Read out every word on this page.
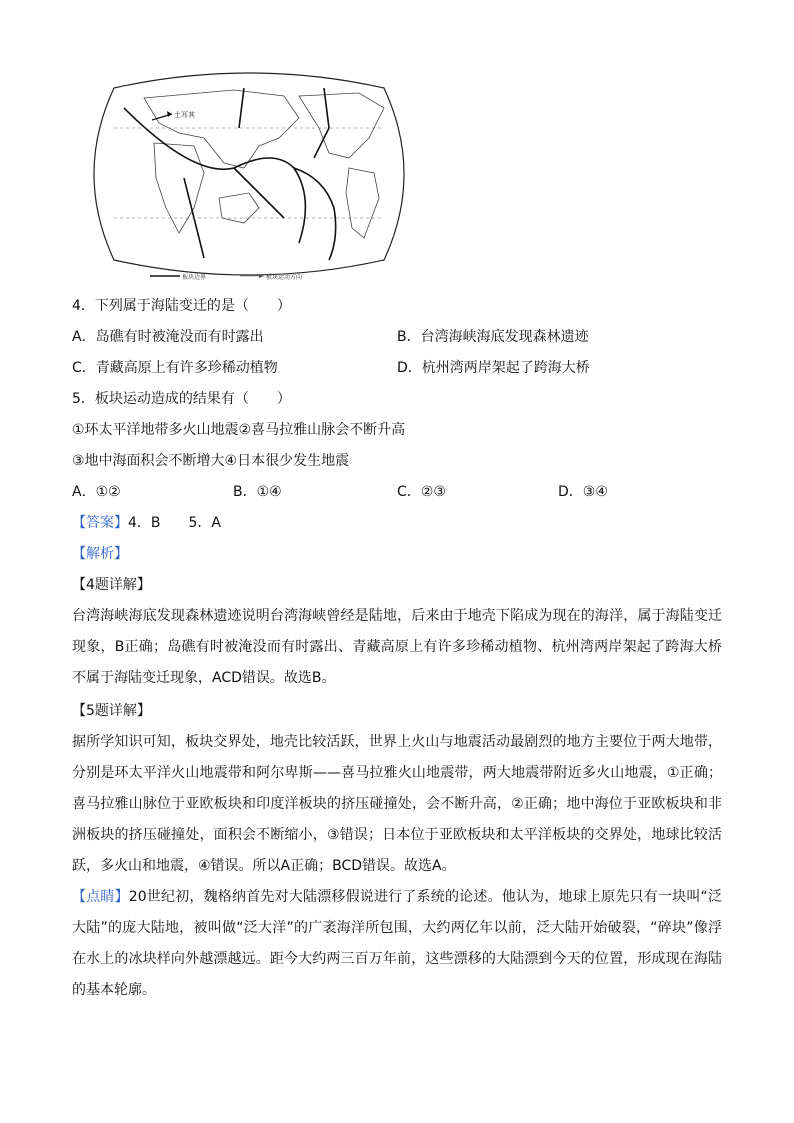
土耳其
板块边界	板块运动方向
4．下列属于海陆变迁的是（　　）
A．岛礁有时被淹没而有时露出	B．台湾海峡海底发现森林遗迹
C．青藏高原上有许多珍稀动植物	D．杭州湾两岸架起了跨海大桥
5．板块运动造成的结果有（　　）
①环太平洋地带多火山地震②喜马拉雅山脉会不断升高
③地中海面积会不断增大④日本很少发生地震
A．①②	B．①④	C．②③	D．③④
【答案】4．B　　5．A
【解析】
【4题详解】
台湾海峡海底发现森林遗迹说明台湾海峡曾经是陆地，后来由于地壳下陷成为现在的海洋，属于海陆变迁现象，B正确；岛礁有时被淹没而有时露出、青藏高原上有许多珍稀动植物、杭州湾两岸架起了跨海大桥不属于海陆变迁现象，ACD错误。故选B。
【5题详解】
据所学知识可知，板块交界处，地壳比较活跃，世界上火山与地震活动最剧烈的地方主要位于两大地带，分别是环太平洋火山地震带和阿尔卑斯——喜马拉雅火山地震带，两大地震带附近多火山地震，①正确；喜马拉雅山脉位于亚欧板块和印度洋板块的挤压碰撞处，会不断升高，②正确；地中海位于亚欧板块和非洲板块的挤压碰撞处，面积会不断缩小，③错误；日本位于亚欧板块和太平洋板块的交界处，地球比较活跃，多火山和地震，④错误。所以A正确；BCD错误。故选A。
【点睛】20世纪初，魏格纳首先对大陆漂移假说进行了系统的论述。他认为，地球上原先只有一块叫“泛大陆”的庞大陆地，被叫做“泛大洋”的广袤海洋所包围，大约两亿年以前，泛大陆开始破裂，“碎块”像浮在水上的冰块样向外越漂越远。距今大约两三百万年前，这些漂移的大陆漂到今天的位置，形成现在海陆的基本轮廓。
